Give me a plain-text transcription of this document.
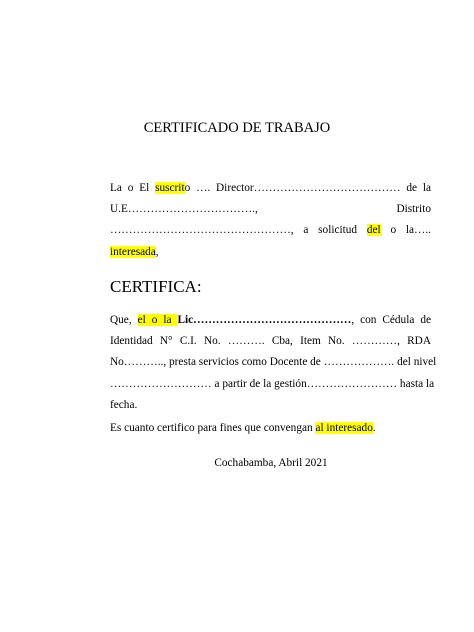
CERTIFICADO DE TRABAJO
La o El suscrito …. Director………………………………… de la
U.E……………………………., Distrito
…………………………………………, a solicitud del o la…..
interesada,
CERTIFICA:
Que, el o la Lic……………………………………, con Cédula de
Identidad N° C.I. No. ………. Cba, Item No. …………, RDA
No……….., presta servicios como Docente de ………………. del nivel
……………………… a partir de la gestión…………………… hasta la
fecha.
Es cuanto certifico para fines que convengan al interesado.
Cochabamba, Abril 2021
